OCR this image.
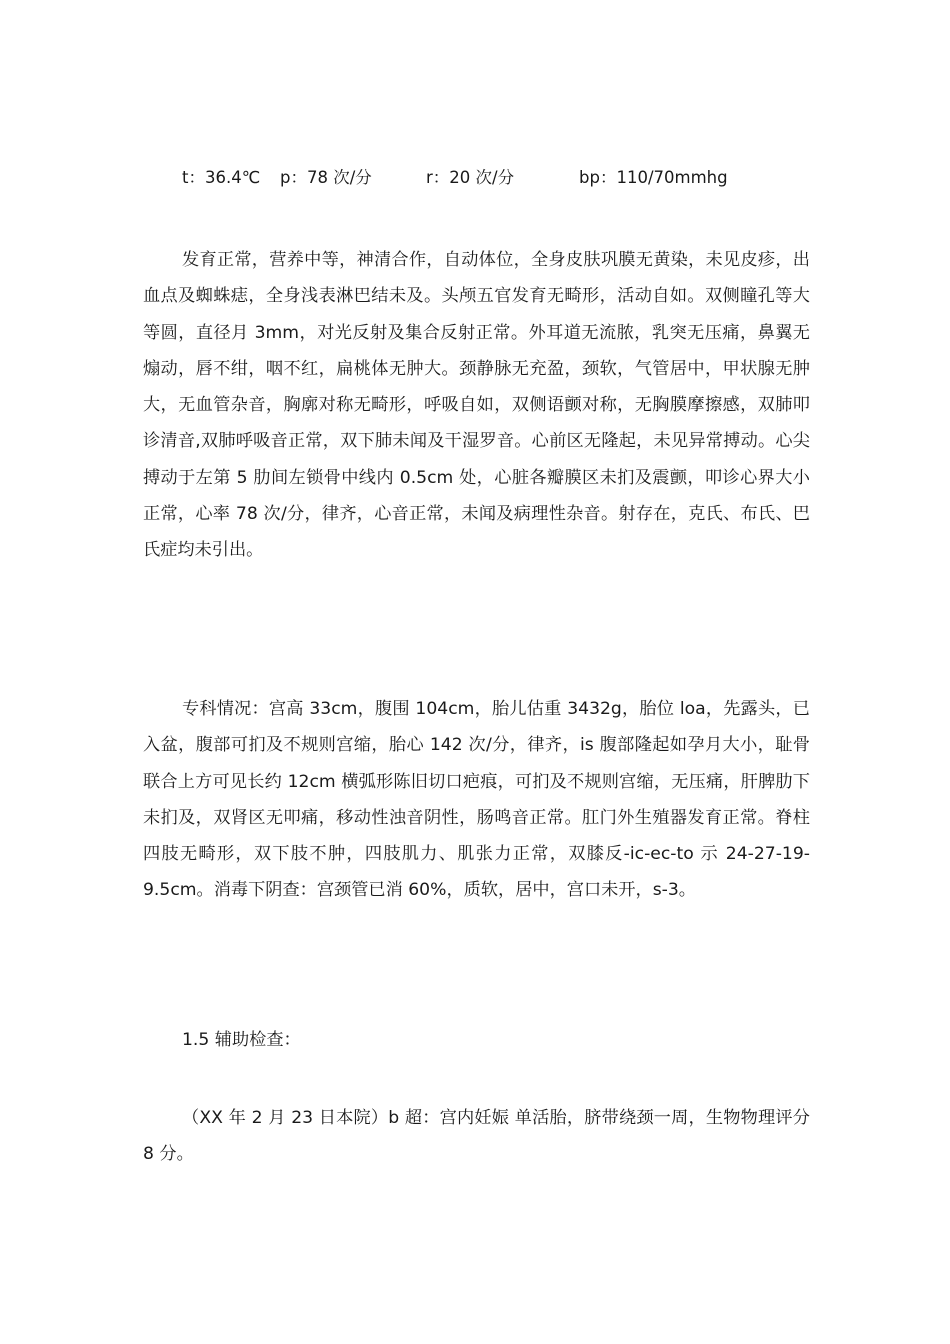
t：36.4℃ p：78 次/分	r：20 次/分	bp：110/70mmhg

发育正常，营养中等，神清合作，自动体位，全身皮肤巩膜无黄染，未见皮疹，出血点及蜘蛛痣，全身浅表淋巴结未及。头颅五官发育无畸形，活动自如。双侧瞳孔等大等圆，直径月 3mm，对光反射及集合反射正常。外耳道无流脓，乳突无压痛，鼻翼无煽动，唇不绀，咽不红，扁桃体无肿大。颈静脉无充盈，颈软，气管居中，甲状腺无肿大，无血管杂音，胸廓对称无畸形，呼吸自如，双侧语颤对称，无胸膜摩擦感，双肺叩诊清音,双肺呼吸音正常，双下肺未闻及干湿罗音。心前区无隆起，未见异常搏动。心尖搏动于左第 5 肋间左锁骨中线内 0.5cm 处，心脏各瓣膜区未扪及震颤，叩诊心界大小正常，心率 78 次/分，律齐，心音正常，未闻及病理性杂音。射存在，克氏、布氏、巴氏症均未引出。

专科情况：宫高 33cm，腹围 104cm，胎儿估重 3432g，胎位 loa，先露头，已入盆，腹部可扪及不规则宫缩，胎心 142 次/分，律齐，is 腹部隆起如孕月大小，耻骨联合上方可见长约 12cm 横弧形陈旧切口疤痕，可扪及不规则宫缩，无压痛，肝脾肋下未扪及，双肾区无叩痛，移动性浊音阴性，肠鸣音正常。肛门外生殖器发育正常。脊柱四肢无畸形，双下肢不肿，四肢肌力、肌张力正常，双膝反-ic-ec-to 示 24-27-19-9.5cm。消毒下阴查：宫颈管已消 60%，质软，居中，宫口未开，s-3。

1.5 辅助检查：

（XX 年 2 月 23 日本院）b 超：宫内妊娠 单活胎，脐带绕颈一周，生物物理评分 8 分。
